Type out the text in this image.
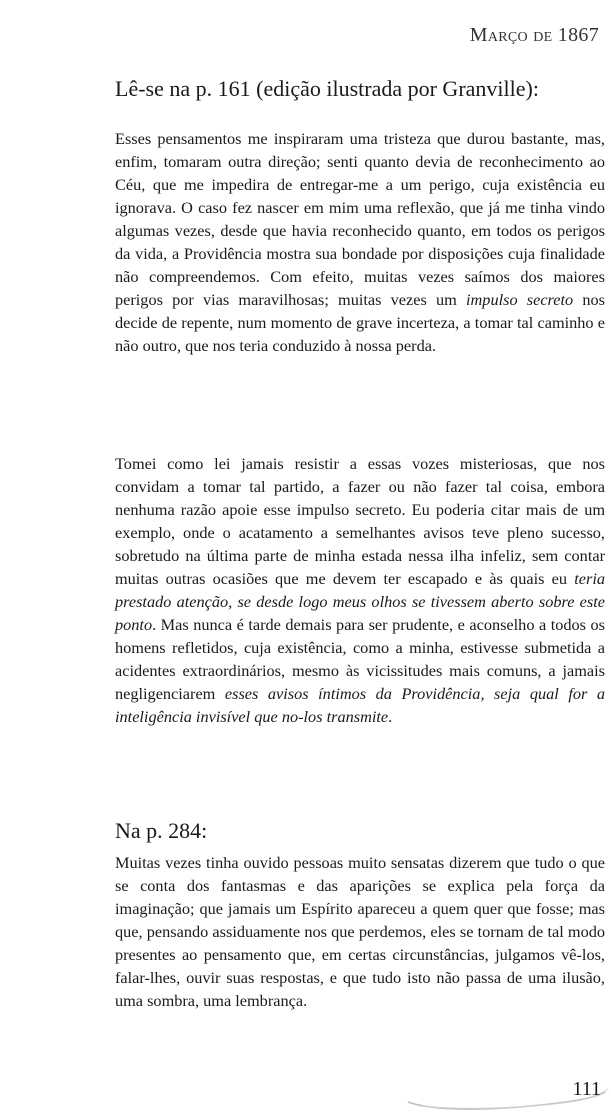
Março de 1867
Lê-se na p. 161 (edição ilustrada por Granville):

Esses pensamentos me inspiraram uma tristeza que durou bastante, mas, enfim, tomaram outra direção; senti quanto devia de reconhecimento ao Céu, que me impedira de entregar-me a um perigo, cuja existência eu ignorava. O caso fez nascer em mim uma reflexão, que já me tinha vindo algumas vezes, desde que havia reconhecido quanto, em todos os perigos da vida, a Providência mostra sua bondade por disposições cuja finalidade não compreendemos. Com efeito, muitas vezes saímos dos maiores perigos por vias maravilhosas; muitas vezes um impulso secreto nos decide de repente, num momento de grave incerteza, a tomar tal caminho e não outro, que nos teria conduzido à nossa perda.

Tomei como lei jamais resistir a essas vozes misteriosas, que nos convidam a tomar tal partido, a fazer ou não fazer tal coisa, embora nenhuma razão apoie esse impulso secreto. Eu poderia citar mais de um exemplo, onde o acatamento a semelhantes avisos teve pleno sucesso, sobretudo na última parte de minha estada nessa ilha infeliz, sem contar muitas outras ocasiões que me devem ter escapado e às quais eu teria prestado atenção, se desde logo meus olhos se tivessem aberto sobre este ponto. Mas nunca é tarde demais para ser prudente, e aconselho a todos os homens refletidos, cuja existência, como a minha, estivesse submetida a acidentes extraordinários, mesmo às vicissitudes mais comuns, a jamais negligenciarem esses avisos íntimos da Providência, seja qual for a inteligência invisível que no-los transmite.

Na p. 284:

Muitas vezes tinha ouvido pessoas muito sensatas dizerem que tudo o que se conta dos fantasmas e das aparições se explica pela força da imaginação; que jamais um Espírito apareceu a quem quer que fosse; mas que, pensando assiduamente nos que perdemos, eles se tornam de tal modo presentes ao pensamento que, em certas circunstâncias, julgamos vê-los, falar-lhes, ouvir suas respostas, e que tudo isto não passa de uma ilusão, uma sombra, uma lembrança.

111
